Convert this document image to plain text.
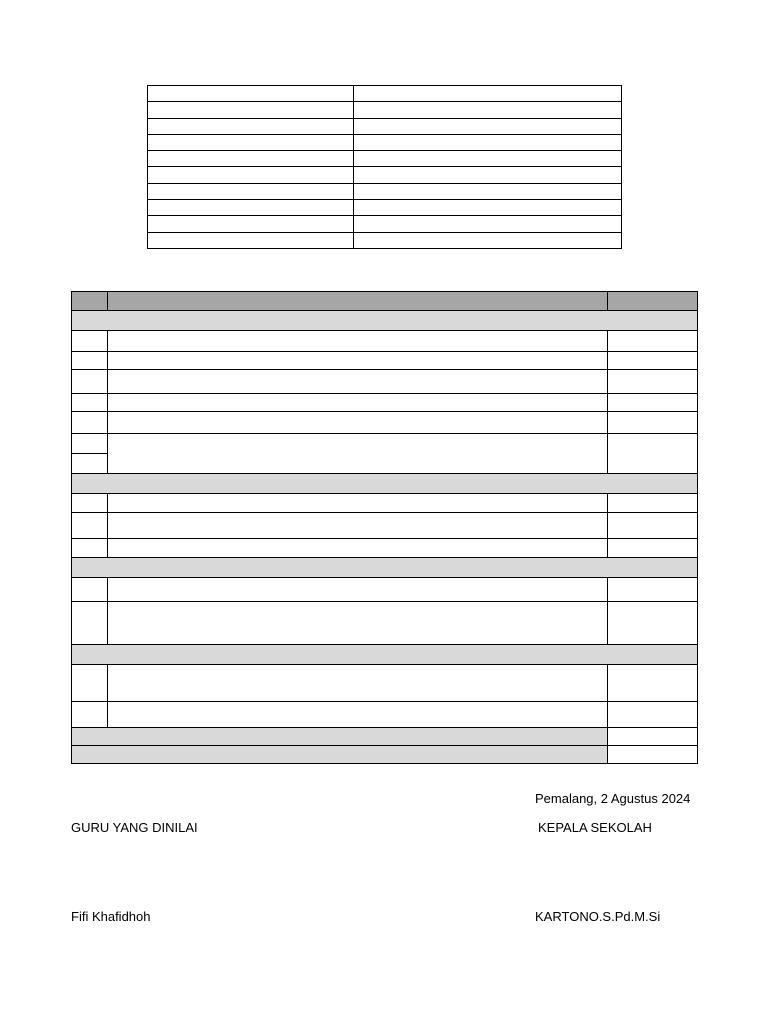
Pemalang, 2 Agustus 2024
GURU YANG DINILAI	KEPALA SEKOLAH
Fifi Khafidhoh	KARTONO.S.Pd.M.Si
